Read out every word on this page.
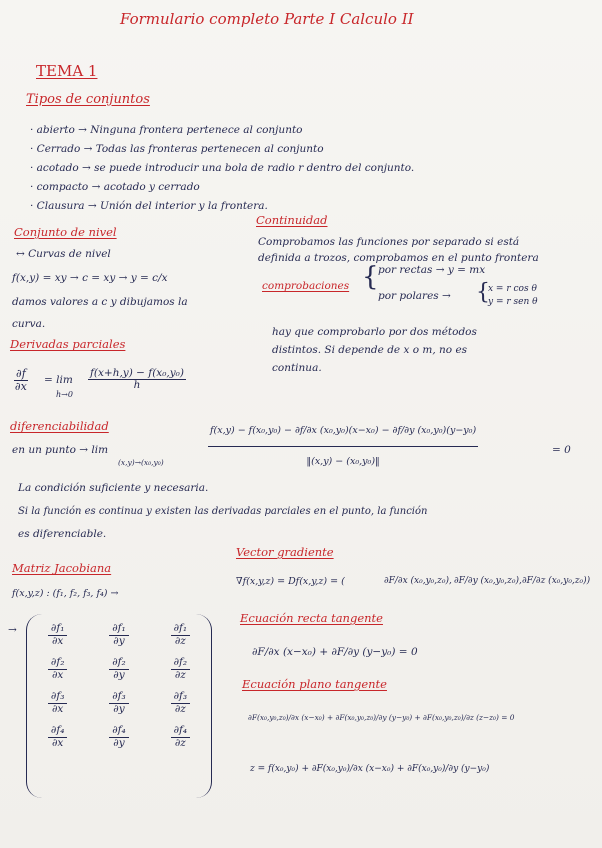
Formulario completo Parte I Calculo II
TEMA 1
Tipos de conjuntos
· abierto → Ninguna frontera pertenece al conjunto
· Cerrado → Todas las fronteras pertenecen al conjunto
· acotado → se puede introducir una bola de radio r dentro del conjunto.
· compacto → acotado y cerrado
· Clausura → Unión del interior y la frontera.
Conjunto de nivel
↔ Curvas de nivel
f(x,y) = xy → c = xy → y = c/x
damos valores a c y dibujamos la
curva.
Continuidad
Comprobamos las funciones por separado si está
definida a trozos, comprobamos en el punto frontera
comprobaciones { por rectas → y = mx
por polares → {
x = r cos θ
y = r sen θ
hay que comprobarlo por dos métodos
distintos. Si depende de x o m, no es
continua.
Derivadas parciales
$\frac{\partial f}{\partial x} = \lim$
h→0
$\frac{\text{f(x+h,y) − f(x₀,y₀)}}{h}$
diferenciabilidad
en un punto → lim
(x,y)→(x₀,y₀)
f(x,y) − f(x₀,y₀) − ∂f/∂x (x₀,y₀)(x−x₀) − ∂f/∂y (x₀,y₀)(y−y₀)
‖(x,y) − (x₀,y₀)‖
= 0
La condición suficiente y necesaria.
Si la función es continua y existen las derivadas parciales en el punto, la función
es diferenciable.
Matriz Jacobiana
f(x,y,z) : (f₁, f₂, f₃, f₄) →
→	$\frac{\text{∂f₁}}{\partial x}$	$\frac{\text{∂f₁}}{\partial y}$	$\frac{\text{∂f₁}}{\partial z}$

$\frac{\text{∂f₂}}{\partial x}$	$\frac{\text{∂f₂}}{\partial y}$	$\frac{\text{∂f₂}}{\partial z}$

$\frac{\text{∂f₃}}{\partial x}$	$\frac{\text{∂f₃}}{\partial y}$	$\frac{\text{∂f₃}}{\partial z}$

$\frac{\text{∂f₄}}{\partial x}$	$\frac{\text{∂f₄}}{\partial y}$	$\frac{\text{∂f₄}}{\partial z}$
Vector gradiente
∇f(x,y,z) = Df(x,y,z) = (	∂F/∂x (x₀,y₀,z₀), ∂F/∂y (x₀,y₀,z₀), ∂F/∂z (x₀,y₀,z₀))
Ecuación recta tangente
∂F/∂x (x−x₀) + ∂F/∂y (y−y₀) = 0
Ecuación plano tangente
∂F(x₀,y₀,z₀)/∂x (x−x₀) + ∂F(x₀,y₀,z₀)/∂y (y−y₀) + ∂F(x₀,y₀,z₀)/∂z (z−z₀) = 0
z = f(x₀,y₀) + ∂F(x₀,y₀)/∂x (x−x₀) + ∂F(x₀,y₀)/∂y (y−y₀)
